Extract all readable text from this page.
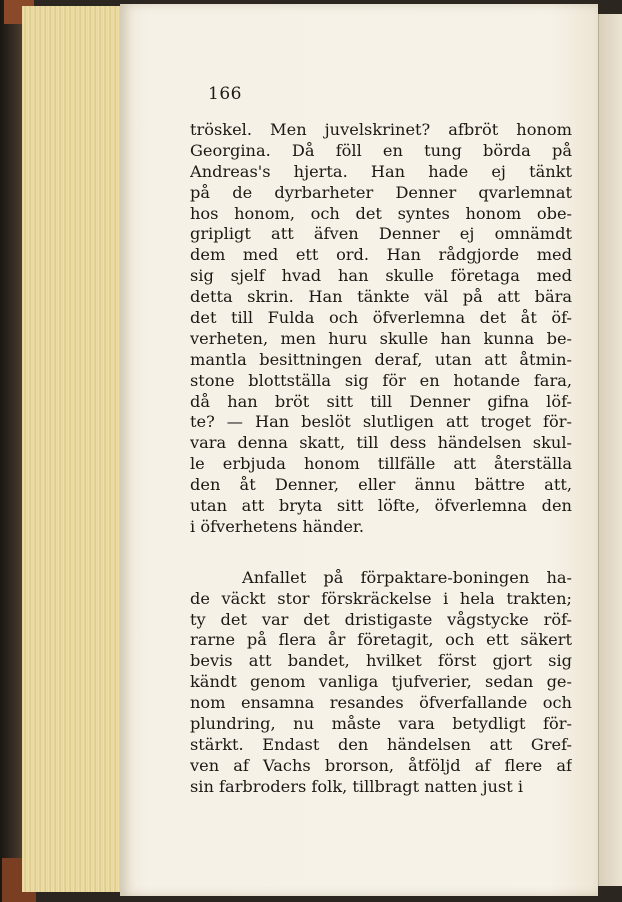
166
tröskel. Men juvelskrinet? afbröt honom
Georgina. Då föll en tung börda på
Andreas's hjerta. Han hade ej tänkt
på de dyrbarheter Denner qvarlemnat
hos honom, och det syntes honom obe-
gripligt att äfven Denner ej omnämdt
dem med ett ord. Han rådgjorde med
sig sjelf hvad han skulle företaga med
detta skrin. Han tänkte väl på att bära
det till Fulda och öfverlemna det åt öf-
verheten, men huru skulle han kunna be-
mantla besittningen deraf, utan att åtmin-
stone blottställa sig för en hotande fara,
då han bröt sitt till Denner gifna löf-
te? — Han beslöt slutligen att troget för-
vara denna skatt, till dess händelsen skul-
le erbjuda honom tillfälle att återställa
den åt Denner, eller ännu bättre att,
utan att bryta sitt löfte, öfverlemna den
i öfverhetens händer.
Anfallet på förpaktare-boningen ha-
de väckt stor förskräckelse i hela trakten;
ty det var det dristigaste vågstycke röf-
rarne på flera år företagit, och ett säkert
bevis att bandet, hvilket först gjort sig
kändt genom vanliga tjufverier, sedan ge-
nom ensamna resandes öfverfallande och
plundring, nu måste vara betydligt för-
stärkt. Endast den händelsen att Gref-
ven af Vachs brorson, åtföljd af flere af
sin farbroders folk, tillbragt natten just i
